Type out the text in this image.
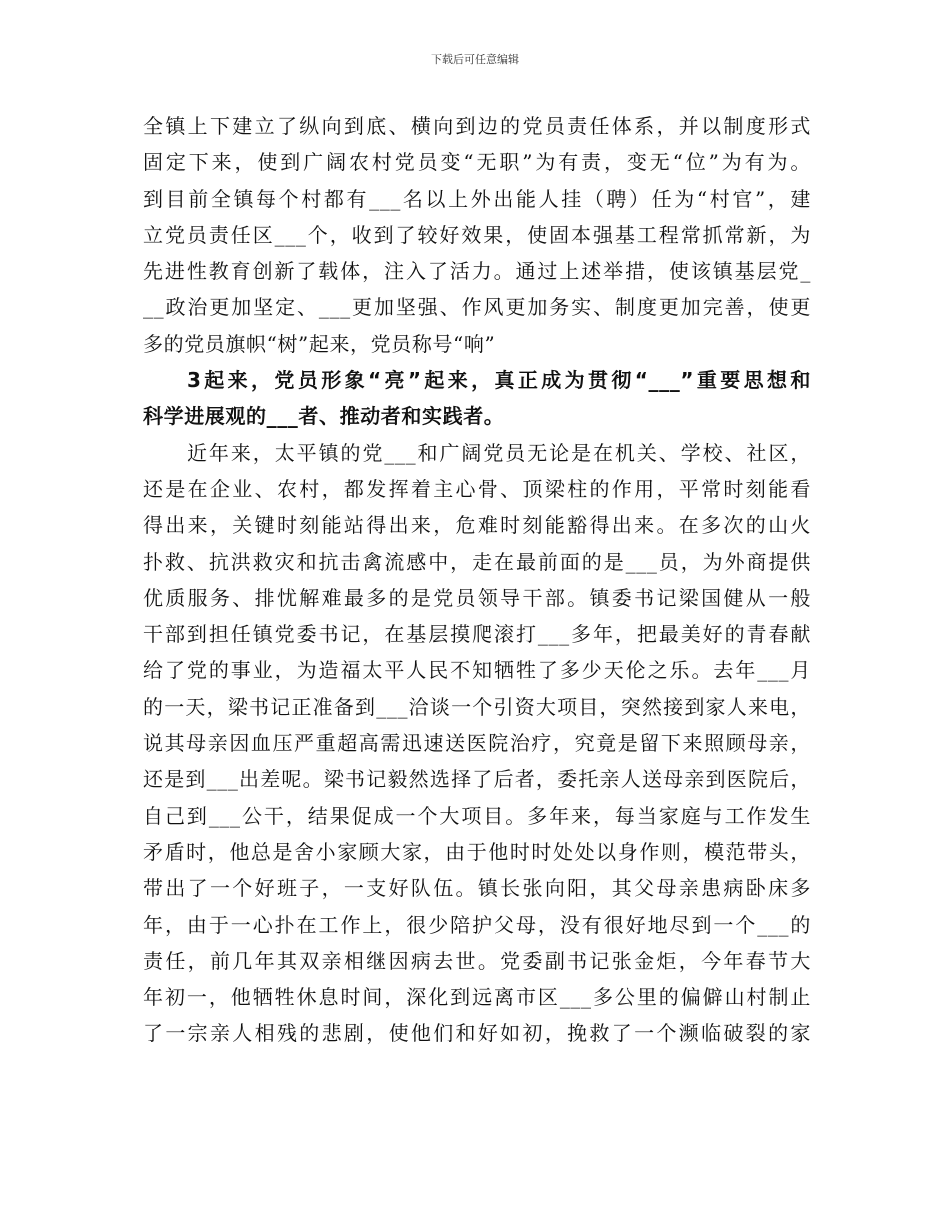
下载后可任意编辑
全镇上下建立了纵向到底、横向到边的党员责任体系，并以制度形式
固定下来，使到广阔农村党员变“无职”为有责，变无“位”为有为。
到目前全镇每个村都有___名以上外出能人挂（聘）任为“村官”，建
立党员责任区___个，收到了较好效果，使固本强基工程常抓常新，为
先进性教育创新了载体，注入了活力。通过上述举措，使该镇基层党_
__政治更加坚定、___更加坚强、作风更加务实、制度更加完善，使更
多的党员旗帜“树”起来，党员称号“响”
3起来，党员形象“亮”起来，真正成为贯彻“___”重要思想和
科学进展观的___者、推动者和实践者。
近年来，太平镇的党___和广阔党员无论是在机关、学校、社区，
还是在企业、农村，都发挥着主心骨、顶梁柱的作用，平常时刻能看
得出来，关键时刻能站得出来，危难时刻能豁得出来。在多次的山火
扑救、抗洪救灾和抗击禽流感中，走在最前面的是___员，为外商提供
优质服务、排忧解难最多的是党员领导干部。镇委书记梁国健从一般
干部到担任镇党委书记，在基层摸爬滚打___多年，把最美好的青春献
给了党的事业，为造福太平人民不知牺牲了多少天伦之乐。去年___月
的一天，梁书记正准备到___洽谈一个引资大项目，突然接到家人来电，
说其母亲因血压严重超高需迅速送医院治疗，究竟是留下来照顾母亲，
还是到___出差呢。梁书记毅然选择了后者，委托亲人送母亲到医院后，
自己到___公干，结果促成一个大项目。多年来，每当家庭与工作发生
矛盾时，他总是舍小家顾大家，由于他时时处处以身作则，模范带头，
带出了一个好班子，一支好队伍。镇长张向阳，其父母亲患病卧床多
年，由于一心扑在工作上，很少陪护父母，没有很好地尽到一个___的
责任，前几年其双亲相继因病去世。党委副书记张金炬，今年春节大
年初一，他牺牲休息时间，深化到远离市区___多公里的偏僻山村制止
了一宗亲人相残的悲剧，使他们和好如初，挽救了一个濒临破裂的家
